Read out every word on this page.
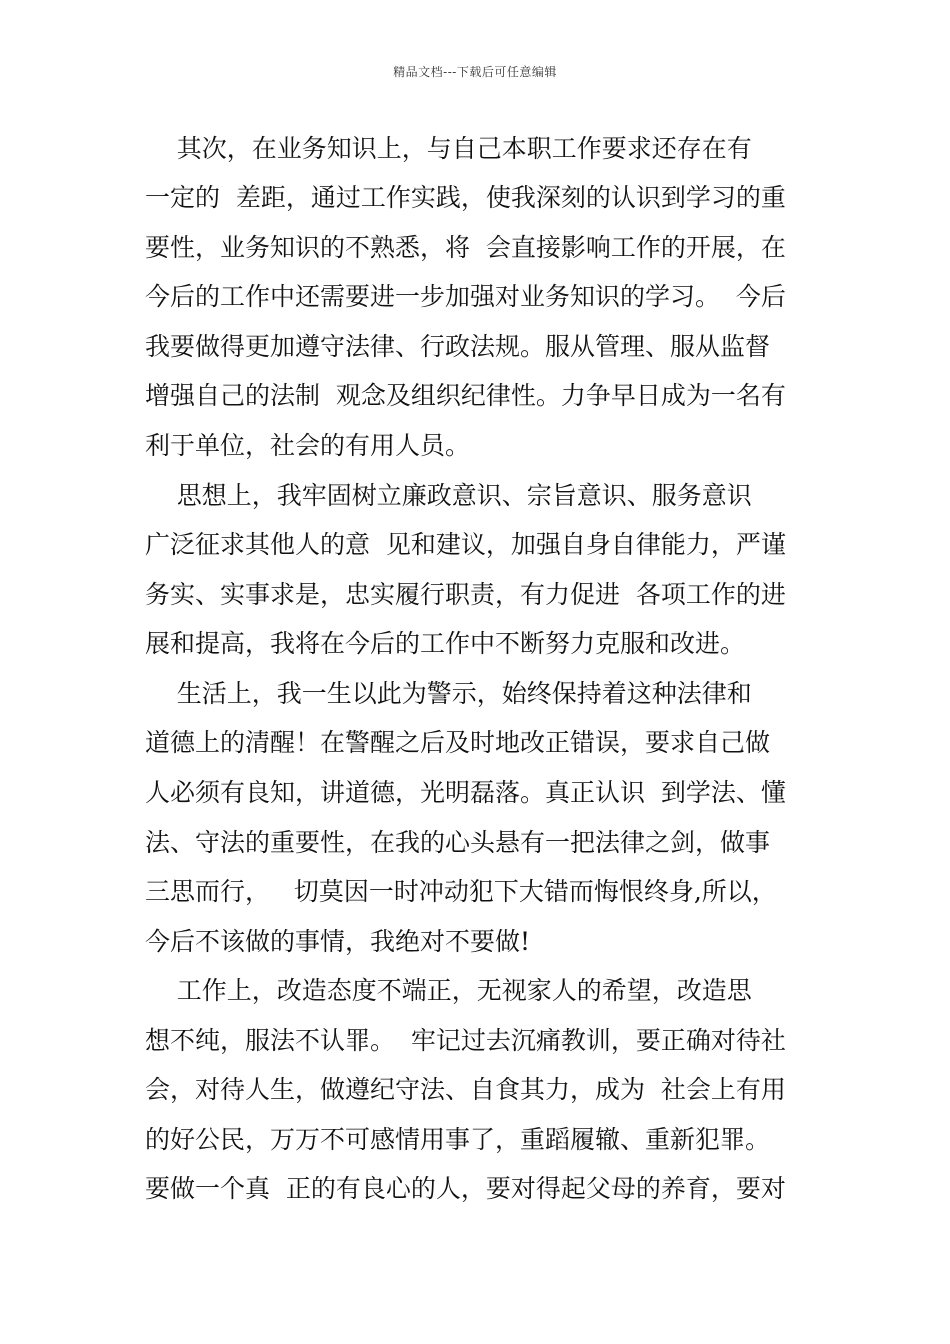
精品文档---下载后可任意编辑
其次，在业务知识上，与自己本职工作要求还存在有
一定的  差距，通过工作实践，使我深刻的认识到学习的重
要性，业务知识的不熟悉，将  会直接影响工作的开展，在
今后的工作中还需要进一步加强对业务知识的学习。  今后
我要做得更加遵守法律、行政法规。服从管理、服从监督
增强自己的法制  观念及组织纪律性。力争早日成为一名有
利于单位，社会的有用人员。
思想上，我牢固树立廉政意识、宗旨意识、服务意识
广泛征求其他人的意  见和建议，加强自身自律能力，严谨
务实、实事求是，忠实履行职责，有力促进  各项工作的进
展和提高，我将在今后的工作中不断努力克服和改进。
生活上，我一生以此为警示，始终保持着这种法律和
道德上的清醒！在警醒之后及时地改正错误，要求自己做
人必须有良知，讲道德，光明磊落。真正认识  到学法、懂
法、守法的重要性，在我的心头悬有一把法律之剑，做事
三思而行，   切莫因一时冲动犯下大错而悔恨终身,所以，
今后不该做的事情，我绝对不要做!
工作上，改造态度不端正，无视家人的希望，改造思
想不纯，服法不认罪。  牢记过去沉痛教训，要正确对待社
会，对待人生，做遵纪守法、自食其力，成为  社会上有用
的好公民，万万不可感情用事了，重蹈履辙、重新犯罪。
要做一个真  正的有良心的人，要对得起父母的养育，要对
